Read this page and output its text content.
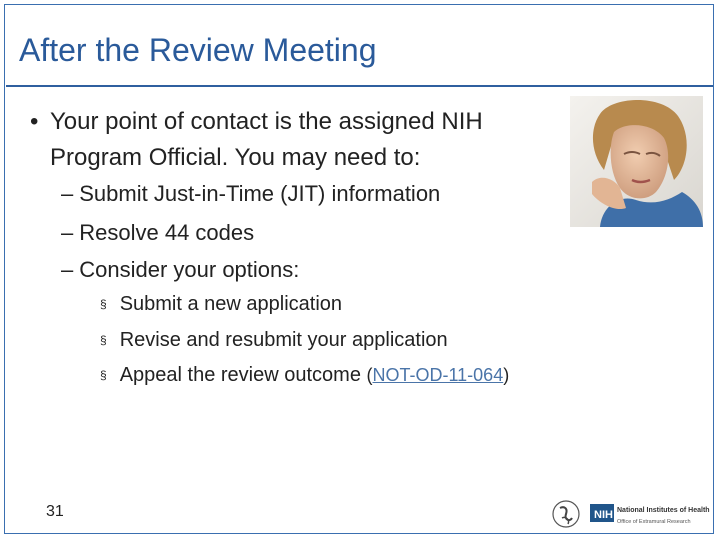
After the Review Meeting
• Your point of contact is the assigned NIH
Program Official. You may need to:
– Submit Just-in-Time (JIT) information
– Resolve 44 codes
– Consider your options:
§ Submit a new application
§ Revise and resubmit your application
§ Appeal the review outcome (NOT-OD-11-064)
31	NIH National Institutes of Health
Office of Extramural Research
